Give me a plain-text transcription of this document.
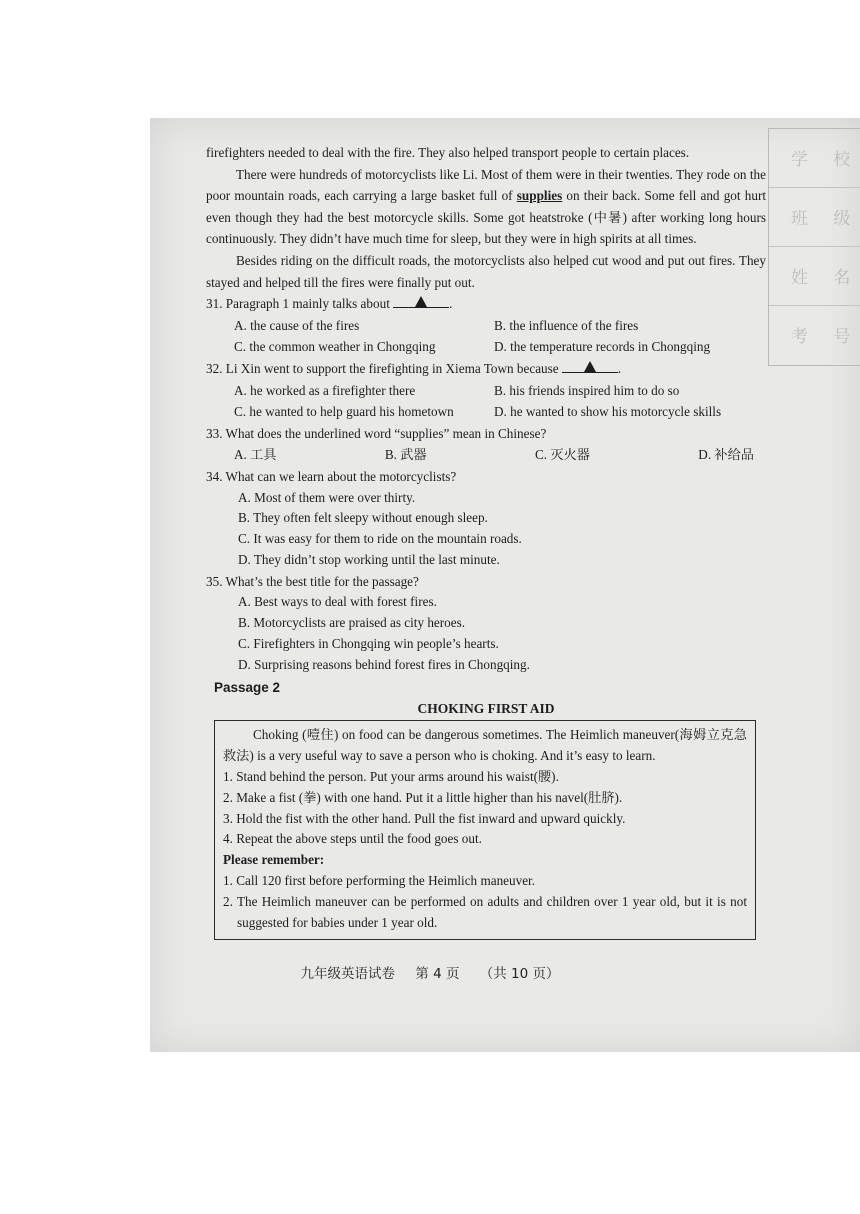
学 校
班 级
姓 名
考 号

firefighters needed to deal with the fire. They also helped transport people to certain places.

There were hundreds of motorcyclists like Li. Most of them were in their twenties. They rode on the poor mountain roads, each carrying a large basket full of supplies on their back. Some fell and got hurt even though they had the best motorcycle skills. Some got heatstroke (中暑) after working long hours continuously. They didn’t have much time for sleep, but they were in high spirits at all times.

Besides riding on the difficult roads, the motorcyclists also helped cut wood and put out fires. They stayed and helped till the fires were finally put out.

31. Paragraph 1 mainly talks about	.

A. the cause of the fires	B. the influence of the fires
C. the common weather in Chongqing	D. the temperature records in Chongqing

32. Li Xin went to support the firefighting in Xiema Town because	.

A. he worked as a firefighter there	B. his friends inspired him to do so
C. he wanted to help guard his hometown	D. he wanted to show his motorcycle skills

33. What does the underlined word “supplies” mean in Chinese?

A. 工具	B. 武器	C. 灭火器	D. 补给品

34. What can we learn about the motorcyclists?

A. Most of them were over thirty.
B. They often felt sleepy without enough sleep.
C. It was easy for them to ride on the mountain roads.
D. They didn’t stop working until the last minute.

35. What’s the best title for the passage?

A. Best ways to deal with forest fires.
B. Motorcyclists are praised as city heroes.
C. Firefighters in Chongqing win people’s hearts.
D. Surprising reasons behind forest fires in Chongqing.
Passage 2

CHOKING FIRST AID

Choking (噎住) on food can be dangerous sometimes. The Heimlich maneuver(海姆立克急救法) is a very useful way to save a person who is choking. And it’s easy to learn.

1. Stand behind the person. Put your arms around his waist(腰).

2. Make a fist (拳) with one hand. Put it a little higher than his navel(肚脐).

3. Hold the fist with the other hand. Pull the fist inward and upward quickly.

4. Repeat the above steps until the food goes out.

Please remember:

1. Call 120 first before performing the Heimlich maneuver.

2. The Heimlich maneuver can be performed on adults and children over 1 year old, but it is not suggested for babies under 1 year old.

九年级英语试卷 第 4 页 （共 10 页）
